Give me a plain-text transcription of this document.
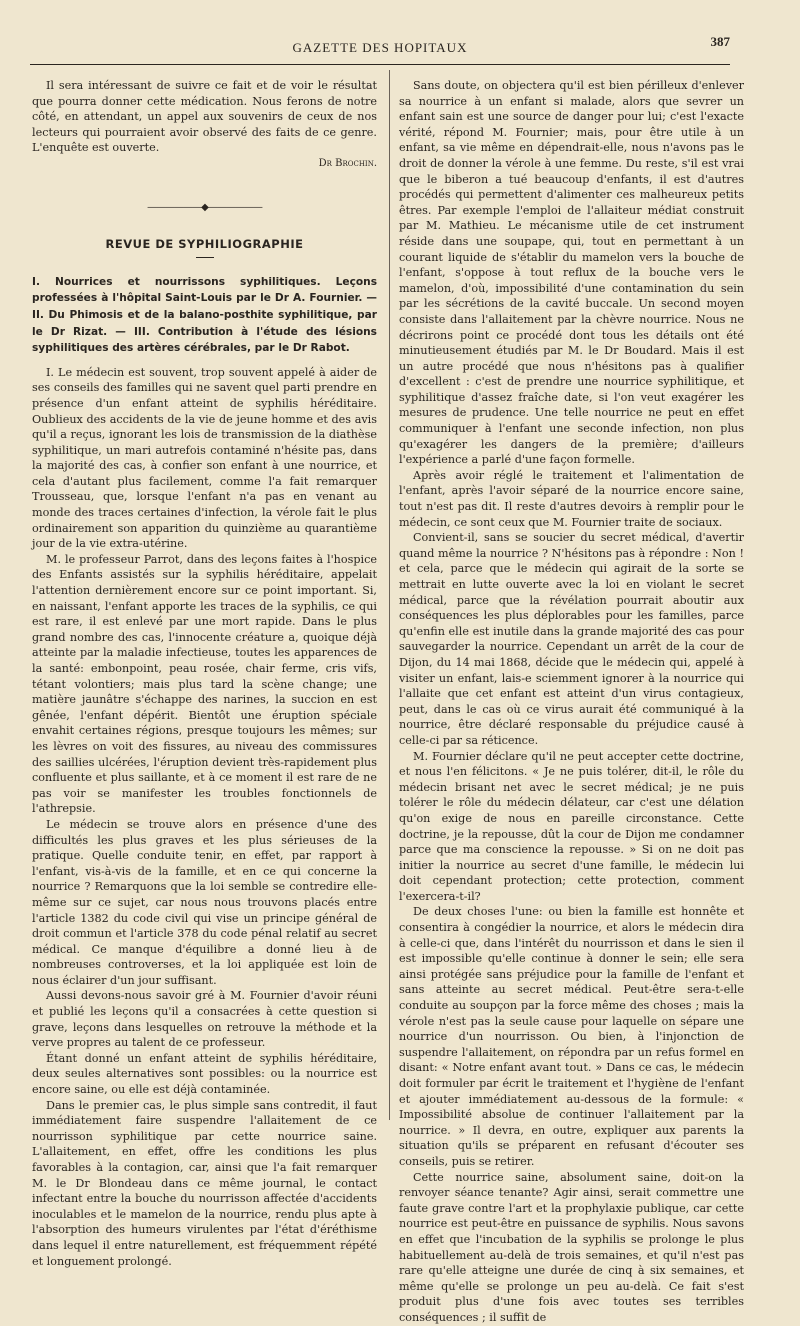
GAZETTE DES HOPITAUX	387

Il sera intéressant de suivre ce fait et de voir le résultat que pourra donner cette médication. Nous ferons de notre côté, en attendant, un appel aux souvenirs de ceux de nos lecteurs qui pourraient avoir observé des faits de ce genre. L'enquête est ouverte.

Dr Brochin.
——————◆——————
REVUE DE SYPHILIOGRAPHIE

I. Nourrices et nourrissons syphilitiques. Leçons professées à l'hôpital Saint-Louis par le Dr A. Fournier. —II. Du Phimosis et de la balano-posthite syphilitique, par le Dr Rizat. — III. Contribution à l'étude des lésions syphilitiques des artères cérébrales, par le Dr Rabot.

I. Le médecin est souvent, trop souvent appelé à aider de ses conseils des familles qui ne savent quel parti prendre en présence d'un enfant atteint de syphilis héréditaire. Oublieux des accidents de la vie de jeune homme et des avis qu'il a reçus, ignorant les lois de transmission de la diathèse syphilitique, un mari autrefois contaminé n'hésite pas, dans la majorité des cas, à confier son enfant à une nourrice, et cela d'autant plus facilement, comme l'a fait remarquer Trousseau, que, lorsque l'enfant n'a pas en venant au monde des traces certaines d'infection, la vérole fait le plus ordinairement son apparition du quinzième au quarantième jour de la vie extra-utérine.

M. le professeur Parrot, dans des leçons faites à l'hospice des Enfants assistés sur la syphilis héréditaire, appelait l'attention dernièrement encore sur ce point important. Si, en naissant, l'enfant apporte les traces de la syphilis, ce qui est rare, il est enlevé par une mort rapide. Dans le plus grand nombre des cas, l'innocente créature a, quoique déjà atteinte par la maladie infectieuse, toutes les apparences de la santé: embonpoint, peau rosée, chair ferme, cris vifs, tétant volontiers; mais plus tard la scène change; une matière jaunâtre s'échappe des narines, la succion en est gênée, l'enfant dépérit. Bientôt une éruption spéciale envahit certaines régions, presque toujours les mêmes; sur les lèvres on voit des fissures, au niveau des commissures des saillies ulcérées, l'éruption devient très-rapidement plus confluente et plus saillante, et à ce moment il est rare de ne pas voir se manifester les troubles fonctionnels de l'athrepsie.

Le médecin se trouve alors en présence d'une des difficultés les plus graves et les plus sérieuses de la pratique. Quelle conduite tenir, en effet, par rapport à l'enfant, vis-à-vis de la famille, et en ce qui concerne la nourrice ? Remarquons que la loi semble se contredire elle-même sur ce sujet, car nous nous trouvons placés entre l'article 1382 du code civil qui vise un principe général de droit commun et l'article 378 du code pénal relatif au secret médical. Ce manque d'équilibre a donné lieu à de nombreuses controverses, et la loi appliquée est loin de nous éclairer d'un jour suffisant.

Aussi devons-nous savoir gré à M. Fournier d'avoir réuni et publié les leçons qu'il a consacrées à cette question si grave, leçons dans lesquelles on retrouve la méthode et la verve propres au talent de ce professeur.

Étant donné un enfant atteint de syphilis héréditaire, deux seules alternatives sont possibles: ou la nourrice est encore saine, ou elle est déjà contaminée.

Dans le premier cas, le plus simple sans contredit, il faut immédiatement faire suspendre l'allaitement de ce nourrisson syphilitique par cette nourrice saine. L'allaitement, en effet, offre les conditions les plus favorables à la contagion, car, ainsi que l'a fait remarquer M. le Dr Blondeau dans ce même journal, le contact infectant entre la bouche du nourrisson affectée d'accidents inoculables et le mamelon de la nourrice, rendu plus apte à l'absorption des humeurs virulentes par l'état d'éréthisme dans lequel il entre naturellement, est fréquemment répété et longuement prolongé.

Sans doute, on objectera qu'il est bien périlleux d'enlever sa nourrice à un enfant si malade, alors que sevrer un enfant sain est une source de danger pour lui; c'est l'exacte vérité, répond M. Fournier; mais, pour être utile à un enfant, sa vie même en dépendrait-elle, nous n'avons pas le droit de donner la vérole à une femme. Du reste, s'il est vrai que le biberon a tué beaucoup d'enfants, il est d'autres procédés qui permettent d'alimenter ces malheureux petits êtres. Par exemple l'emploi de l'allaiteur médiat construit par M. Mathieu. Le mécanisme utile de cet instrument réside dans une soupape, qui, tout en permettant à un courant liquide de s'établir du mamelon vers la bouche de l'enfant, s'oppose à tout reflux de la bouche vers le mamelon, d'où, impossibilité d'une contamination du sein par les sécrétions de la cavité buccale. Un second moyen consiste dans l'allaitement par la chèvre nourrice. Nous ne décrirons point ce procédé dont tous les détails ont été minutieusement étudiés par M. le Dr Boudard. Mais il est un autre procédé que nous n'hésitons pas à qualifier d'excellent : c'est de prendre une nourrice syphilitique, et syphilitique d'assez fraîche date, si l'on veut exagérer les mesures de prudence. Une telle nourrice ne peut en effet communiquer à l'enfant une seconde infection, non plus qu'exagérer les dangers de la première; d'ailleurs l'expérience a parlé d'une façon formelle.

Après avoir réglé le traitement et l'alimentation de l'enfant, après l'avoir séparé de la nourrice encore saine, tout n'est pas dit. Il reste d'autres devoirs à remplir pour le médecin, ce sont ceux que M. Fournier traite de sociaux.

Convient-il, sans se soucier du secret médical, d'avertir quand même la nourrice ? N'hésitons pas à répondre : Non ! et cela, parce que le médecin qui agirait de la sorte se mettrait en lutte ouverte avec la loi en violant le secret médical, parce que la révélation pourrait aboutir aux conséquences les plus déplorables pour les familles, parce qu'enfin elle est inutile dans la grande majorité des cas pour sauvegarder la nourrice. Cependant un arrêt de la cour de Dijon, du 14 mai 1868, décide que le médecin qui, appelé à visiter un enfant, lais-e sciemment ignorer à la nourrice qui l'allaite que cet enfant est atteint d'un virus contagieux, peut, dans le cas où ce virus aurait été communiqué à la nourrice, être déclaré responsable du préjudice causé à celle-ci par sa réticence.

M. Fournier déclare qu'il ne peut accepter cette doctrine, et nous l'en félicitons. « Je ne puis tolérer, dit-il, le rôle du médecin brisant net avec le secret médical; je ne puis tolérer le rôle du médecin délateur, car c'est une délation qu'on exige de nous en pareille circonstance. Cette doctrine, je la repousse, dût la cour de Dijon me condamner parce que ma conscience la repousse. » Si on ne doit pas initier la nourrice au secret d'une famille, le médecin lui doit cependant protection; cette protection, comment l'exercera-t-il?

De deux choses l'une: ou bien la famille est honnête et consentira à congédier la nourrice, et alors le médecin dira à celle-ci que, dans l'intérêt du nourrisson et dans le sien il est impossible qu'elle continue à donner le sein; elle sera ainsi protégée sans préjudice pour la famille de l'enfant et sans atteinte au secret médical. Peut-être sera-t-elle conduite au soupçon par la force même des choses ; mais la vérole n'est pas la seule cause pour laquelle on sépare une nourrice d'un nourrisson. Ou bien, à l'injonction de suspendre l'allaitement, on répondra par un refus formel en disant: « Notre enfant avant tout. » Dans ce cas, le médecin doit formuler par écrit le traitement et l'hygiène de l'enfant et ajouter immédiatement au-dessous de la formule: « Impossibilité absolue de continuer l'allaitement par la nourrice. » Il devra, en outre, expliquer aux parents la situation qu'ils se préparent en refusant d'écouter ses conseils, puis se retirer.

Cette nourrice saine, absolument saine, doit-on la renvoyer séance tenante? Agir ainsi, serait commettre une faute grave contre l'art et la prophylaxie publique, car cette nourrice est peut-être en puissance de syphilis. Nous savons en effet que l'incubation de la syphilis se prolonge le plus habituellement au-delà de trois semaines, et qu'il n'est pas rare qu'elle atteigne une durée de cinq à six semaines, et même qu'elle se prolonge un peu au-delà. Ce fait s'est produit plus d'une fois avec toutes ses terribles conséquences ; il suffit de
